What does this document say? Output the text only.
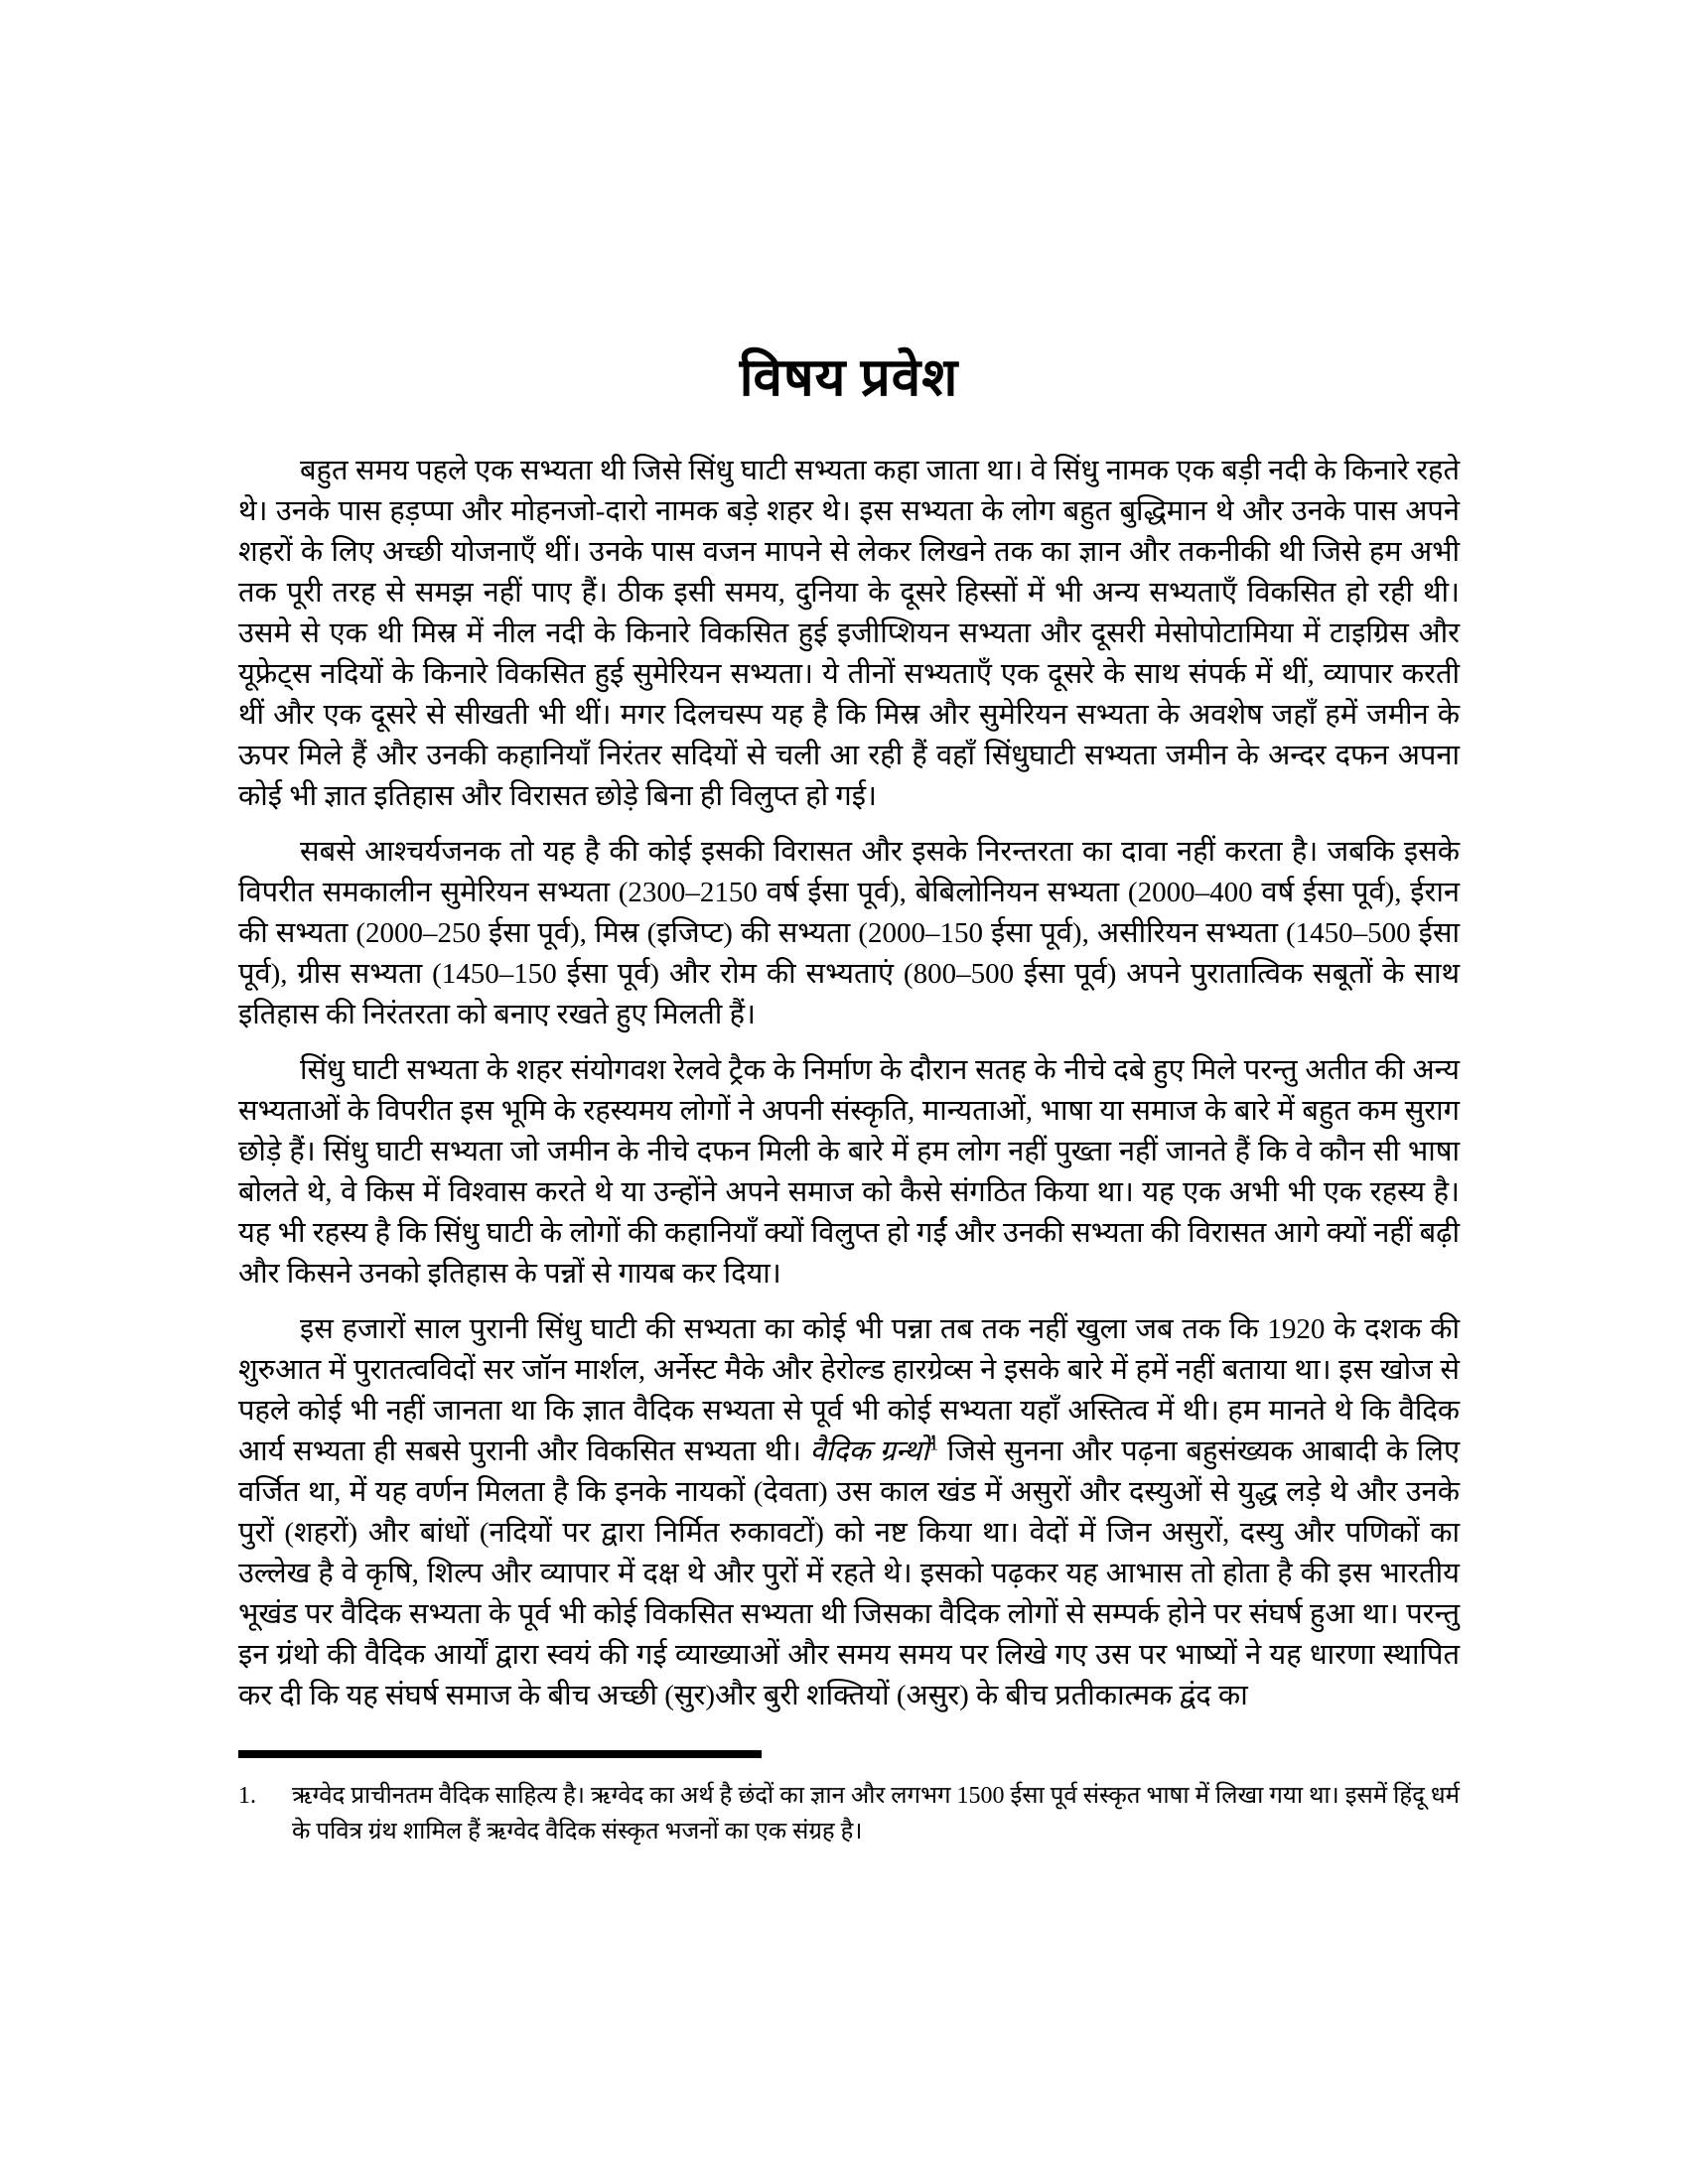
विषय प्रवेश

बहुत समय पहले एक सभ्यता थी जिसे सिंधु घाटी सभ्यता कहा जाता था। वे सिंधु नामक एक बड़ी नदी के किनारे रहते थे। उनके पास हड़प्पा और मोहनजो-दारो नामक बड़े शहर थे। इस सभ्यता के लोग बहुत बुद्धिमान थे और उनके पास अपने शहरों के लिए अच्छी योजनाएँ थीं। उनके पास वजन मापने से लेकर लिखने तक का ज्ञान और तकनीकी थी जिसे हम अभी तक पूरी तरह से समझ नहीं पाए हैं। ठीक इसी समय, दुनिया के दूसरे हिस्सों में भी अन्य सभ्यताएँ विकसित हो रही थी। उसमे से एक थी मिस्र में नील नदी के किनारे विकसित हुई इजीप्शियन सभ्यता और दूसरी मेसोपोटामिया में टाइग्रिस और यूफ्रेट्स नदियों के किनारे विकसित हुई सुमेरियन सभ्यता। ये तीनों सभ्यताएँ एक दूसरे के साथ संपर्क में थीं, व्यापार करती थीं और एक दूसरे से सीखती भी थीं। मगर दिलचस्प यह है कि मिस्र और सुमेरियन सभ्यता के अवशेष जहाँ हमें जमीन के ऊपर मिले हैं और उनकी कहानियाँ निरंतर सदियों से चली आ रही हैं वहाँ सिंधुघाटी सभ्यता जमीन के अन्दर दफन अपना कोई भी ज्ञात इतिहास और विरासत छोड़े बिना ही विलुप्त हो गई।

सबसे आश्चर्यजनक तो यह है की कोई इसकी विरासत और इसके निरन्तरता का दावा नहीं करता है। जबकि इसके विपरीत समकालीन सुमेरियन सभ्यता (2300–2150 वर्ष ईसा पूर्व), बेबिलोनियन सभ्यता (2000–400 वर्ष ईसा पूर्व), ईरान की सभ्यता (2000–250 ईसा पूर्व), मिस्र (इजिप्ट) की सभ्यता (2000–150 ईसा पूर्व), असीरियन सभ्यता (1450–500 ईसा पूर्व), ग्रीस सभ्यता (1450–150 ईसा पूर्व) और रोम की सभ्यताएं (800–500 ईसा पूर्व) अपने पुरातात्विक सबूतों के साथ इतिहास की निरंतरता को बनाए रखते हुए मिलती हैं।

सिंधु घाटी सभ्यता के शहर संयोगवश रेलवे ट्रैक के निर्माण के दौरान सतह के नीचे दबे हुए मिले परन्तु अतीत की अन्य सभ्यताओं के विपरीत इस भूमि के रहस्यमय लोगों ने अपनी संस्कृति, मान्यताओं, भाषा या समाज के बारे में बहुत कम सुराग छोड़े हैं। सिंधु घाटी सभ्यता जो जमीन के नीचे दफन मिली के बारे में हम लोग नहीं पुख्ता नहीं जानते हैं कि वे कौन सी भाषा बोलते थे, वे किस में विश्वास करते थे या उन्होंने अपने समाज को कैसे संगठित किया था। यह एक अभी भी एक रहस्य है। यह भी रहस्य है कि सिंधु घाटी के लोगों की कहानियाँ क्यों विलुप्त हो गईं और उनकी सभ्यता की विरासत आगे क्यों नहीं बढ़ी और किसने उनको इतिहास के पन्नों से गायब कर दिया।

इस हजारों साल पुरानी सिंधु घाटी की सभ्यता का कोई भी पन्ना तब तक नहीं खुला जब तक कि 1920 के दशक की शुरुआत में पुरातत्वविदों सर जॉन मार्शल, अर्नेस्ट मैके और हेरोल्ड हारग्रेव्स ने इसके बारे में हमें नहीं बताया था। इस खोज से पहले कोई भी नहीं जानता था कि ज्ञात वैदिक सभ्यता से पूर्व भी कोई सभ्यता यहाँ अस्तित्व में थी। हम मानते थे कि वैदिक आर्य सभ्यता ही सबसे पुरानी और विकसित सभ्यता थी। वैदिक ग्रन्थों$^1$ जिसे सुनना और पढ़ना बहुसंख्यक आबादी के लिए वर्जित था, में यह वर्णन मिलता है कि इनके नायकों (देवता) उस काल खंड में असुरों और दस्युओं से युद्ध लड़े थे और उनके पुरों (शहरों) और बांधों (नदियों पर द्वारा निर्मित रुकावटों) को नष्ट किया था। वेदों में जिन असुरों, दस्यु और पणिकों का उल्लेख है वे कृषि, शिल्प और व्यापार में दक्ष थे और पुरों में रहते थे। इसको पढ़कर यह आभास तो होता है की इस भारतीय भूखंड पर वैदिक सभ्यता के पूर्व भी कोई विकसित सभ्यता थी जिसका वैदिक लोगों से सम्पर्क होने पर संघर्ष हुआ था। परन्तु इन ग्रंथो की वैदिक आर्यों द्वारा स्वयं की गई व्याख्याओं और समय समय पर लिखे गए उस पर भाष्यों ने यह धारणा स्थापित कर दी कि यह संघर्ष समाज के बीच अच्छी (सुर)और बुरी शक्तियों (असुर) के बीच प्रतीकात्मक द्वंद का

1.	ऋग्वेद प्राचीनतम वैदिक साहित्य है। ऋग्वेद का अर्थ है छंदों का ज्ञान और लगभग 1500 ईसा पूर्व संस्कृत भाषा में लिखा गया था। इसमें हिंदू धर्म के पवित्र ग्रंथ शामिल हैं ऋग्वेद वैदिक संस्कृत भजनों का एक संग्रह है।
